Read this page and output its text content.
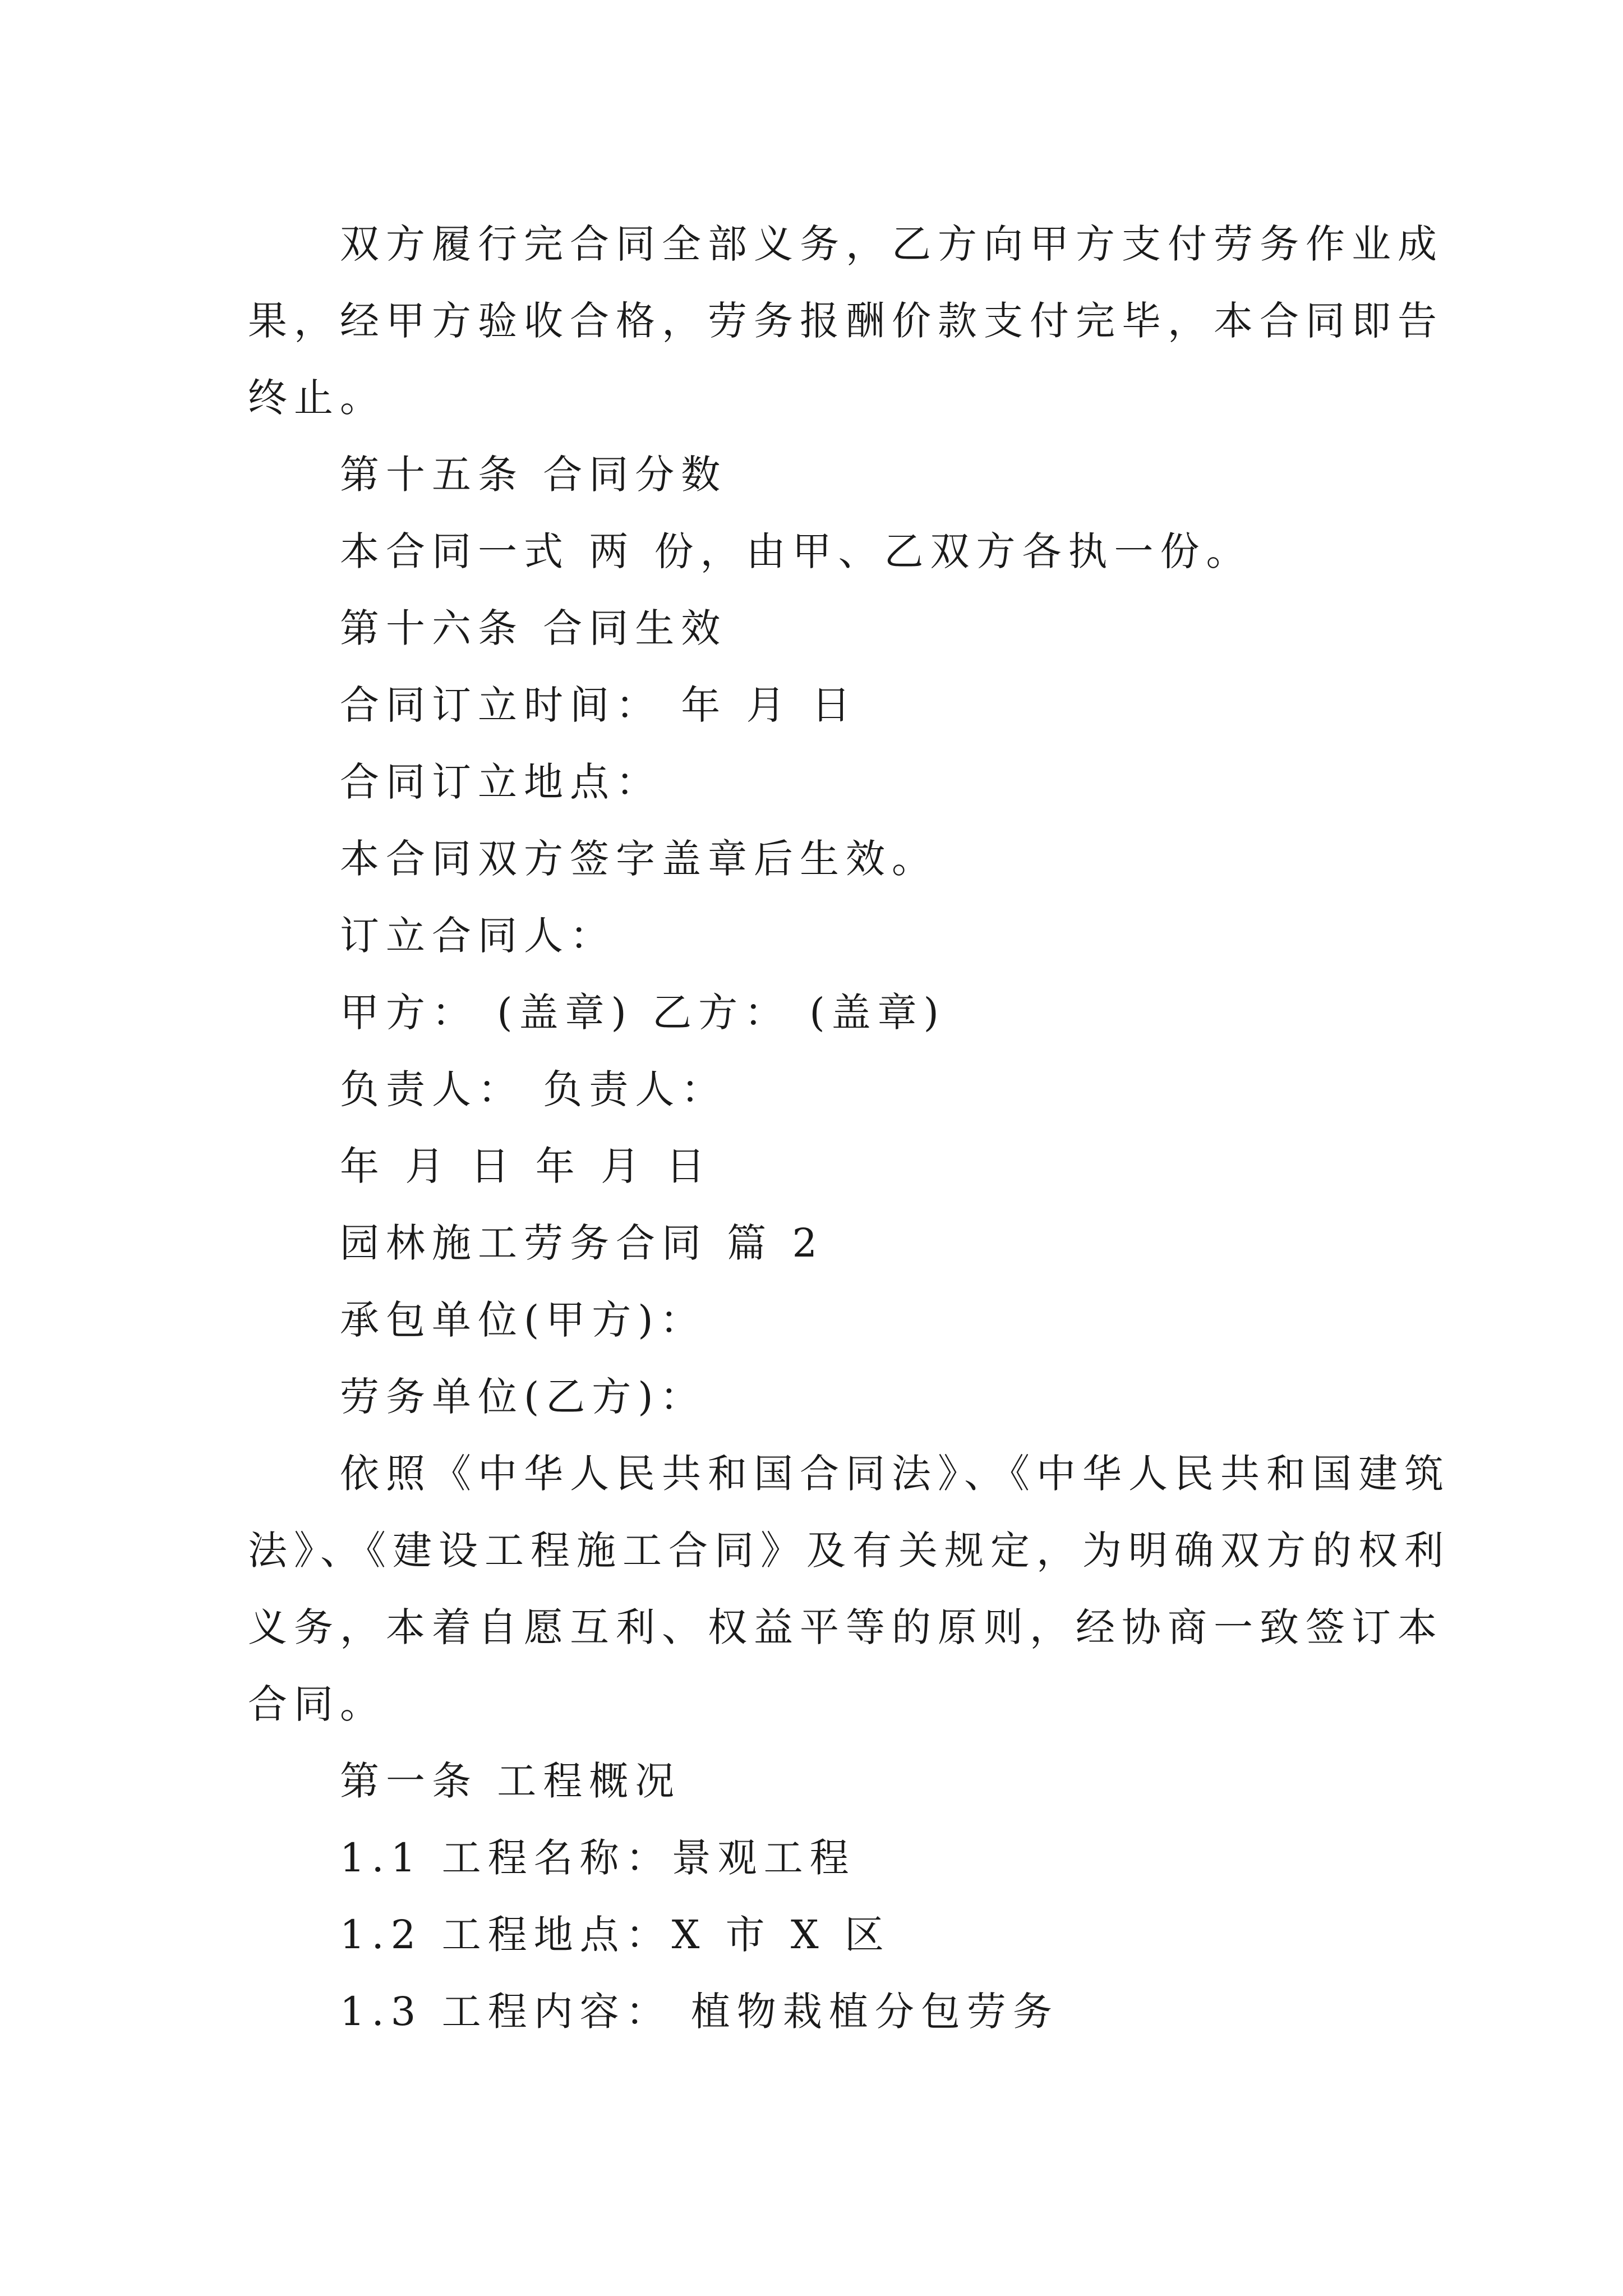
双方履行完合同全部义务，乙方向甲方支付劳务作业成
果，经甲方验收合格，劳务报酬价款支付完毕，本合同即告
终止。
第十五条 合同分数
本合同一式 两 份，由甲、乙双方各执一份。
第十六条 合同生效
合同订立时间： 年 月 日
合同订立地点：
本合同双方签字盖章后生效。
订立合同人：
甲方： (盖章) 乙方： (盖章)
负责人： 负责人：
年 月 日 年 月 日
园林施工劳务合同 篇 2
承包单位(甲方)：
劳务单位(乙方)：
依照《中华人民共和国合同法》、《中华人民共和国建筑
法》、《建设工程施工合同》及有关规定，为明确双方的权利
义务，本着自愿互利、权益平等的原则，经协商一致签订本
合同。
第一条 工程概况
1.1 工程名称：景观工程
1.2 工程地点：X 市 X 区
1.3 工程内容： 植物栽植分包劳务
